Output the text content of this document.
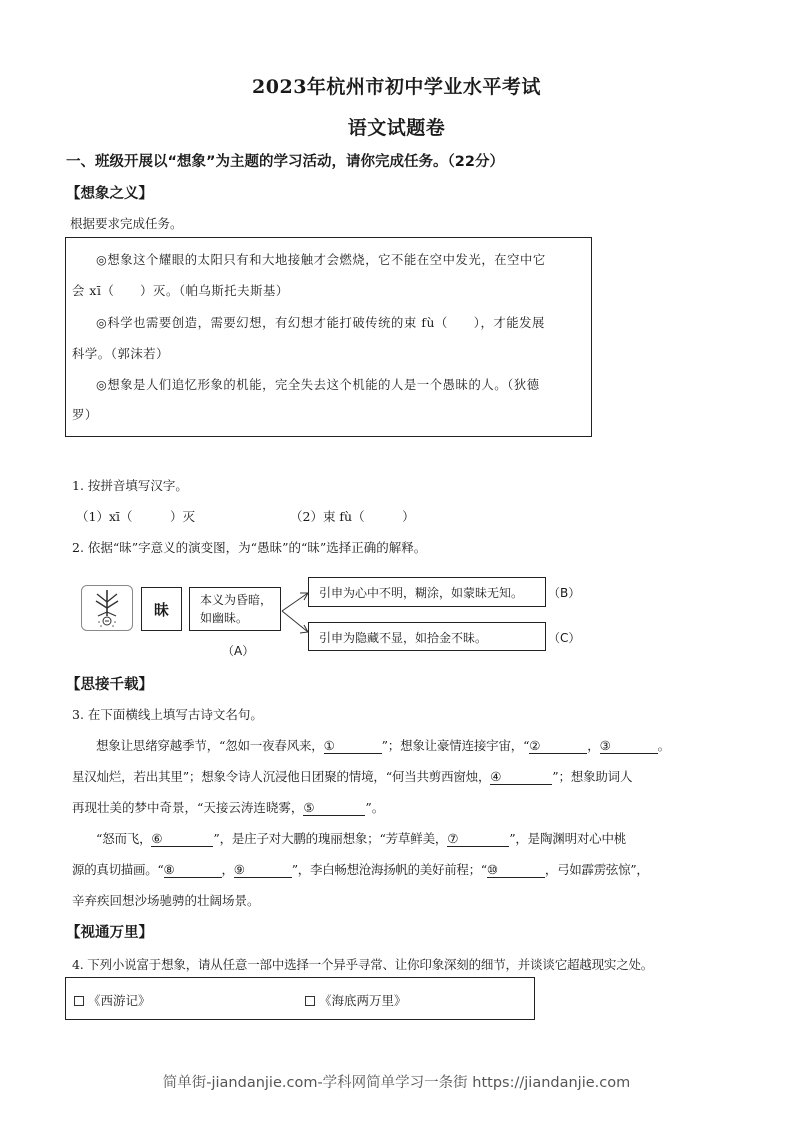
2023年杭州市初中学业水平考试
语文试题卷
一、班级开展以“想象”为主题的学习活动，请你完成任务。（22分）
【想象之义】
根据要求完成任务。
◎想象这个耀眼的太阳只有和大地接触才会燃烧，它不能在空中发光，在空中它
会 xī（　　）灭。（帕乌斯托夫斯基）
◎科学也需要创造，需要幻想，有幻想才能打破传统的束 fù（　　），才能发展
科学。（郭沫若）
◎想象是人们追忆形象的机能，完全失去这个机能的人是一个愚昧的人。（狄德
罗）
1. 按拼音填写汉字。
（1）xī（　　　）灭	（2）束 fù（　　　）
2. 依据“昧”字意义的演变图，为“愚昧”的“昧”选择正确的解释。
昧
本义为昏暗，
如幽昧。
（A）
引申为心中不明，糊涂，如蒙昧无知。	（B）
引申为隐藏不显，如拾金不昧。	（C）
【思接千载】
3. 在下面横线上填写古诗文名句。
想象让思绪穿越季节，“忽如一夜春风来，①	”；想象让豪情连接宇宙，“②	，③	。
星汉灿烂，若出其里”；想象令诗人沉浸他日团聚的情境，“何当共剪西窗烛，④	”；想象助词人
再现壮美的梦中奇景，“天接云涛连晓雾，⑤	”。
“怒而飞，⑥	”，是庄子对大鹏的瑰丽想象；“芳草鲜美，⑦	”，是陶渊明对心中桃
源的真切描画。“⑧	，⑨	”，李白畅想沧海扬帆的美好前程；“⑩	，弓如霹雳弦惊”，
辛弃疾回想沙场驰骋的壮阔场景。
【视通万里】
4. 下列小说富于想象，请从任意一部中选择一个异乎寻常、让你印象深刻的细节，并谈谈它超越现实之处。
《西游记》	《海底两万里》
简单街-jiandanjie.com-学科网简单学习一条街 https://jiandanjie.com
